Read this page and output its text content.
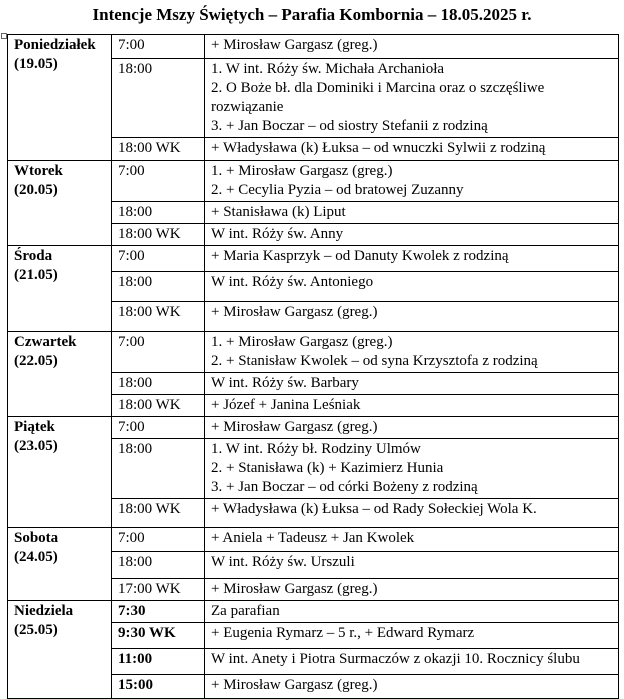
Intencje Mszy Świętych – Parafia Kombornia – 18.05.2025 r.
Poniedziałek
(19.05)	7:00	+ Mirosław Gargasz (greg.)

	18:00	1. W int. Róży św. Michała Archanioła
2. O Boże bł. dla Dominiki i Marcina oraz o szczęśliwe rozwiązanie
3. + Jan Boczar – od siostry Stefanii z rodziną

	18:00 WK	+ Władysława (k) Łuksa – od wnuczki Sylwii z rodziną

Wtorek
(20.05)	7:00	1. + Mirosław Gargasz (greg.)
2. + Cecylia Pyzia – od bratowej Zuzanny

	18:00	+ Stanisława (k) Liput

	18:00 WK	W int. Róży św. Anny

Środa
(21.05)	7:00	+ Maria Kasprzyk – od Danuty Kwolek z rodziną

	18:00	W int. Róży św. Antoniego

	18:00 WK	+ Mirosław Gargasz (greg.)

Czwartek
(22.05)	7:00	1. + Mirosław Gargasz (greg.)
2. + Stanisław Kwolek – od syna Krzysztofa z rodziną

	18:00	W int. Róży św. Barbary

	18:00 WK	+ Józef + Janina Leśniak

Piątek
(23.05)	7:00	+ Mirosław Gargasz (greg.)

	18:00	1. W int. Róży bł. Rodziny Ulmów
2. + Stanisława (k) + Kazimierz Hunia
3. + Jan Boczar – od córki Bożeny z rodziną

	18:00 WK	+ Władysława (k) Łuksa – od Rady Sołeckiej Wola K.

Sobota
(24.05)	7:00	+ Aniela + Tadeusz + Jan Kwolek

	18:00	W int. Róży św. Urszuli

	17:00 WK	+ Mirosław Gargasz (greg.)

Niedziela
(25.05)	7:30	Za parafian

	9:30 WK	+ Eugenia Rymarz – 5 r., + Edward Rymarz

	11:00	W int. Anety i Piotra Surmaczów z okazji 10. Rocznicy ślubu

	15:00	+ Mirosław Gargasz (greg.)
